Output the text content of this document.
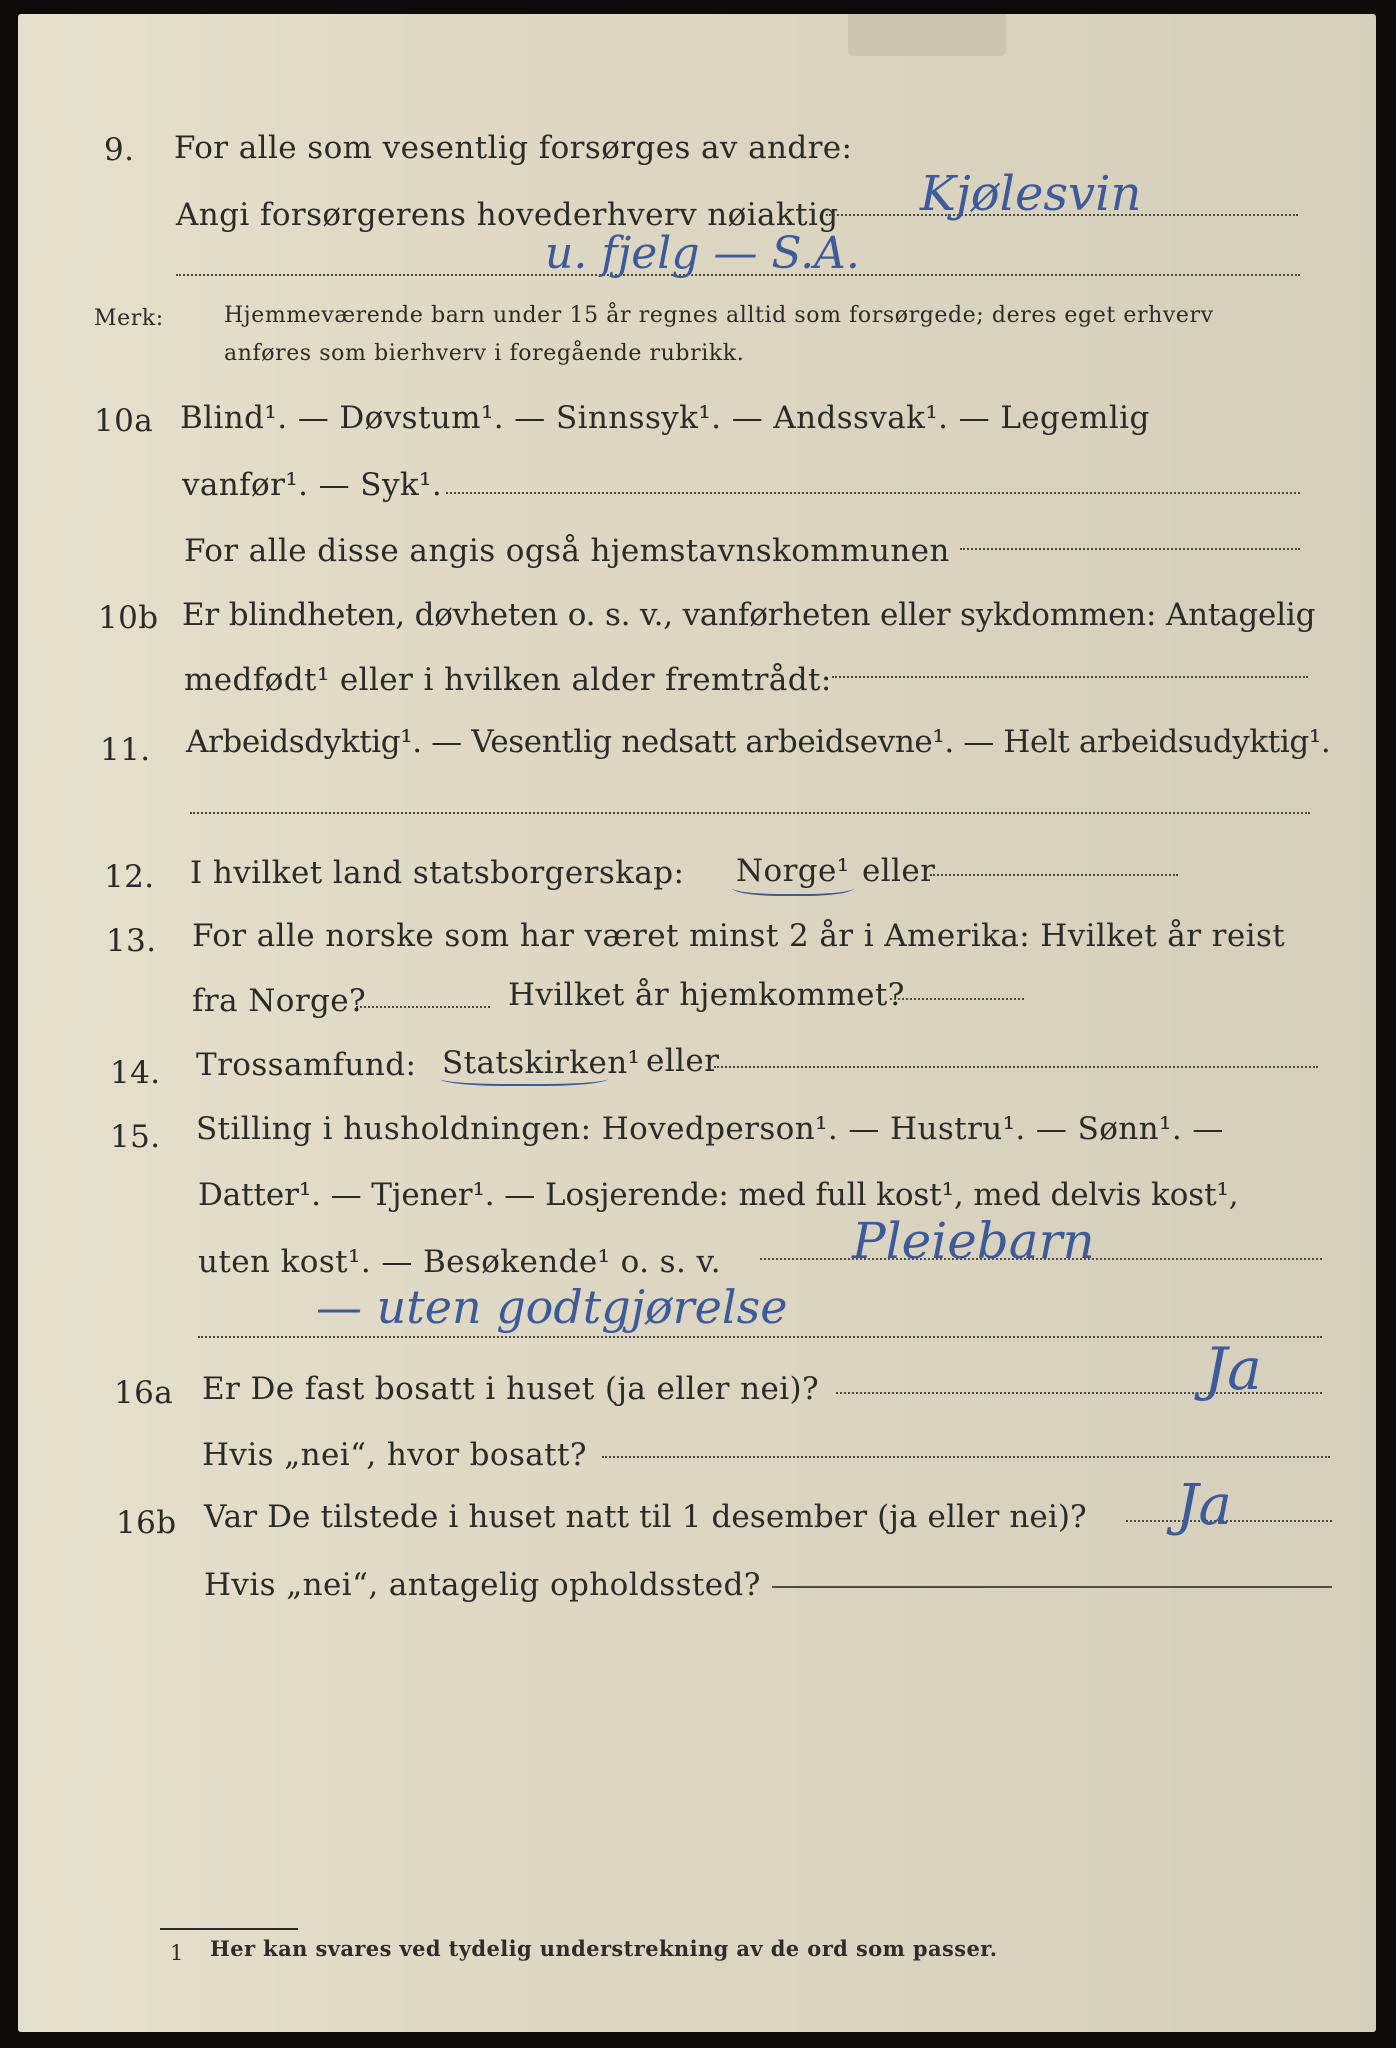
9. For alle som vesentlig forsørges av andre:
Angi forsørgerens hovederhverv nøiaktig Kjølesvin
u. fjelg — S.A.
Merk:	Hjemmeværende barn under 15 år regnes alltid som forsørgede; deres eget erhverv
anføres som bierhverv i foregående rubrikk.
10a Blind¹. — Døvstum¹. — Sinnssyk¹. — Andssvak¹. — Legemlig
vanfør¹. — Syk¹.
For alle disse angis også hjemstavnskommunen
10b Er blindheten, døvheten o. s. v., vanførheten eller sykdommen: Antagelig
medfødt¹ eller i hvilken alder fremtrådt:
11. Arbeidsdyktig¹. — Vesentlig nedsatt arbeidsevne¹. — Helt arbeidsudyktig¹.
12. I hvilket land statsborgerskap: Norge¹ eller
13. For alle norske som har været minst 2 år i Amerika: Hvilket år reist
fra Norge?	Hvilket år hjemkommet?
14. Trossamfund: Statskirken¹ eller
15. Stilling i husholdningen: Hovedperson¹. — Hustru¹. — Sønn¹. —
Datter¹. — Tjener¹. — Losjerende: med full kost¹, med delvis kost¹,
uten kost¹. — Besøkende¹ o. s. v.	Pleiebarn
— uten godtgjørelse
16a Er De fast bosatt i huset (ja eller nei)?	Ja
Hvis „nei“, hvor bosatt?
16b Var De tilstede i huset natt til 1 desember (ja eller nei)? Ja
Hvis „nei“, antagelig opholdssted?
1 Her kan svares ved tydelig understrekning av de ord som passer.
